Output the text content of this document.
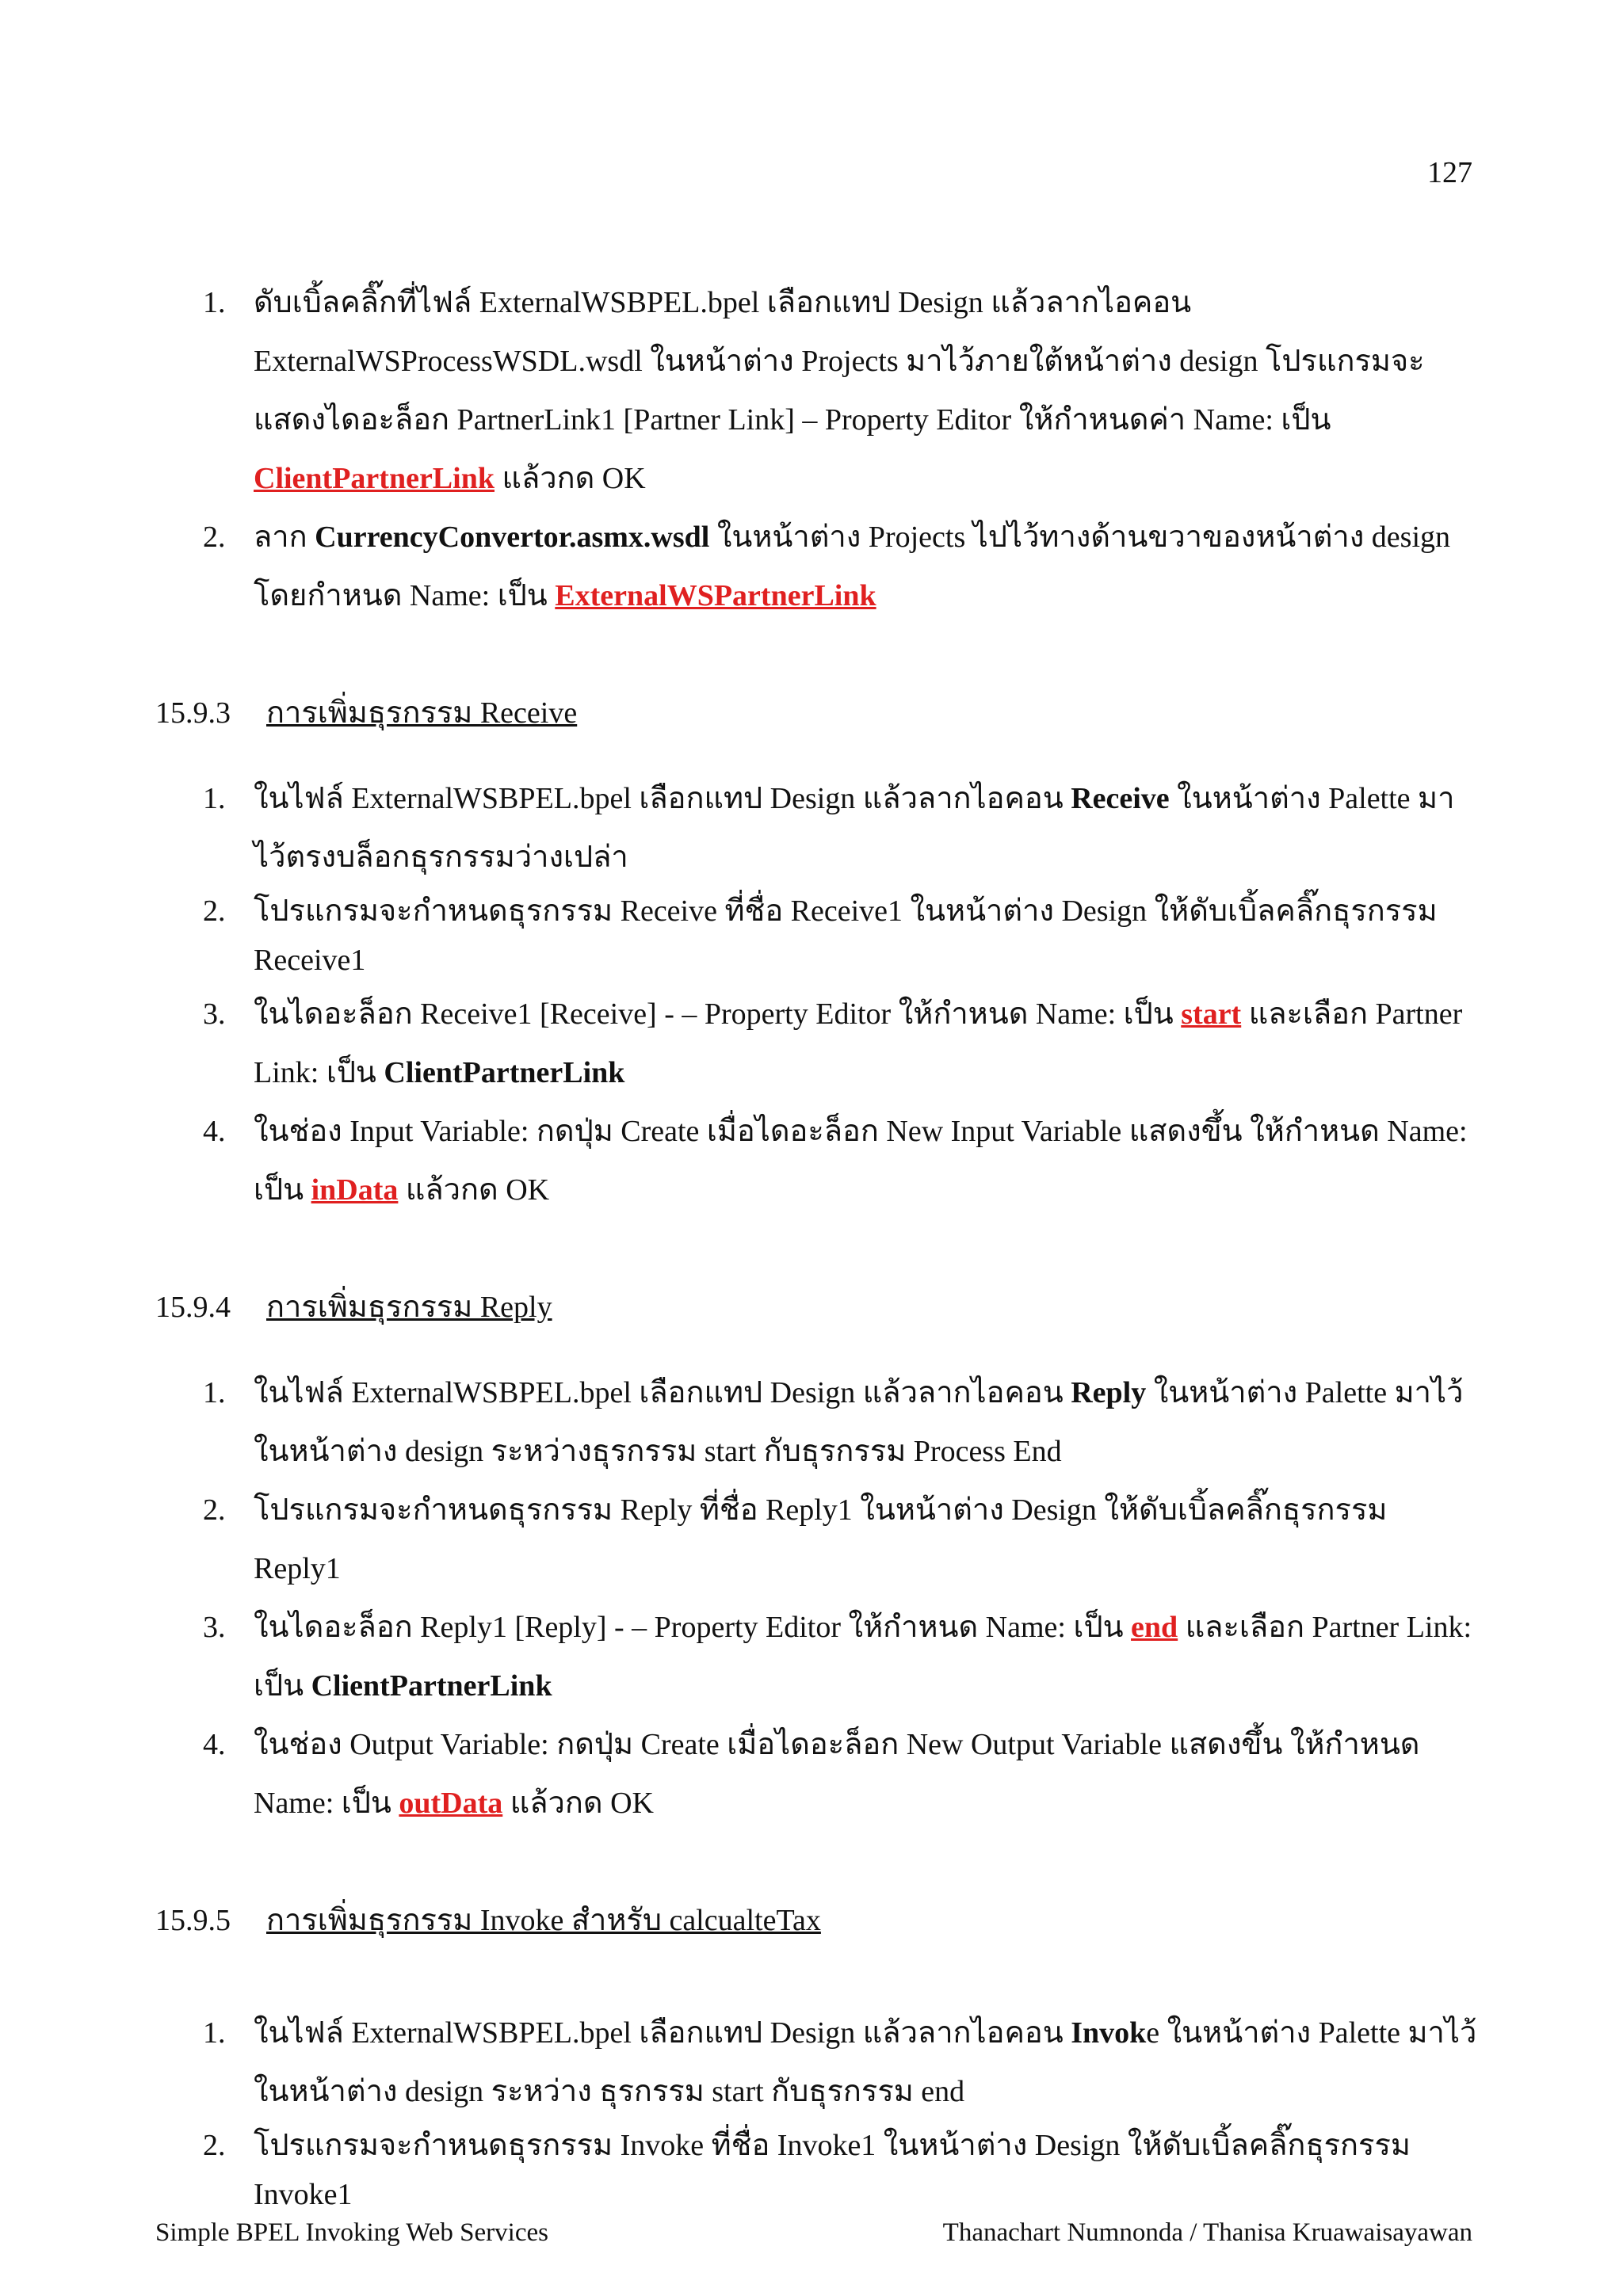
127
1. ดับเบิ้ลคลิ๊กที่ไฟล์ ExternalWSBPEL.bpel เลือกแทป Design แล้วลากไอคอน ExternalWSProcessWSDL.wsdl ในหน้าต่าง Projects มาไว้ภายใต้หน้าต่าง design โปรแกรมจะแสดงไดอะล็อก PartnerLink1 [Partner Link] – Property Editor ให้กำหนดค่า Name: เป็น ClientPartnerLink แล้วกด OK
2. ลาก CurrencyConvertor.asmx.wsdl ในหน้าต่าง Projects ไปไว้ทางด้านขวาของหน้าต่าง design โดยกำหนด Name: เป็น ExternalWSPartnerLink
15.9.3 การเพิ่มธุรกรรม Receive
1. ในไฟล์ ExternalWSBPEL.bpel เลือกแทป Design แล้วลากไอคอน Receive ในหน้าต่าง Palette มาไว้ตรงบล็อกธุรกรรมว่างเปล่า
2. โปรแกรมจะกำหนดธุรกรรม Receive ที่ชื่อ Receive1 ในหน้าต่าง Design ให้ดับเบิ้ลคลิ๊กธุรกรรม Receive1
3. ในไดอะล็อก Receive1 [Receive] - – Property Editor ให้กำหนด Name: เป็น start และเลือก Partner Link: เป็น ClientPartnerLink
4. ในช่อง Input Variable: กดปุ่ม Create เมื่อไดอะล็อก New Input Variable แสดงขึ้น ให้กำหนด Name: เป็น inData แล้วกด OK
15.9.4 การเพิ่มธุรกรรม Reply
1. ในไฟล์ ExternalWSBPEL.bpel เลือกแทป Design แล้วลากไอคอน Reply ในหน้าต่าง Palette มาไว้ในหน้าต่าง design ระหว่างธุรกรรม start กับธุรกรรม Process End
2. โปรแกรมจะกำหนดธุรกรรม Reply ที่ชื่อ Reply1 ในหน้าต่าง Design ให้ดับเบิ้ลคลิ๊กธุรกรรม Reply1
3. ในไดอะล็อก Reply1 [Reply] - – Property Editor ให้กำหนด Name: เป็น end และเลือก Partner Link: เป็น ClientPartnerLink
4. ในช่อง Output Variable: กดปุ่ม Create เมื่อไดอะล็อก New Output Variable แสดงขึ้น ให้กำหนด Name: เป็น outData แล้วกด OK
15.9.5 การเพิ่มธุรกรรม Invoke สำหรับ calcualteTax
1. ในไฟล์ ExternalWSBPEL.bpel เลือกแทป Design แล้วลากไอคอน Invoke ในหน้าต่าง Palette มาไว้ในหน้าต่าง design ระหว่าง ธุรกรรม start กับธุรกรรม end
2. โปรแกรมจะกำหนดธุรกรรม Invoke ที่ชื่อ Invoke1 ในหน้าต่าง Design ให้ดับเบิ้ลคลิ๊กธุรกรรม Invoke1
Simple BPEL Invoking Web Services	Thanachart Numnonda / Thanisa Kruawaisayawan
